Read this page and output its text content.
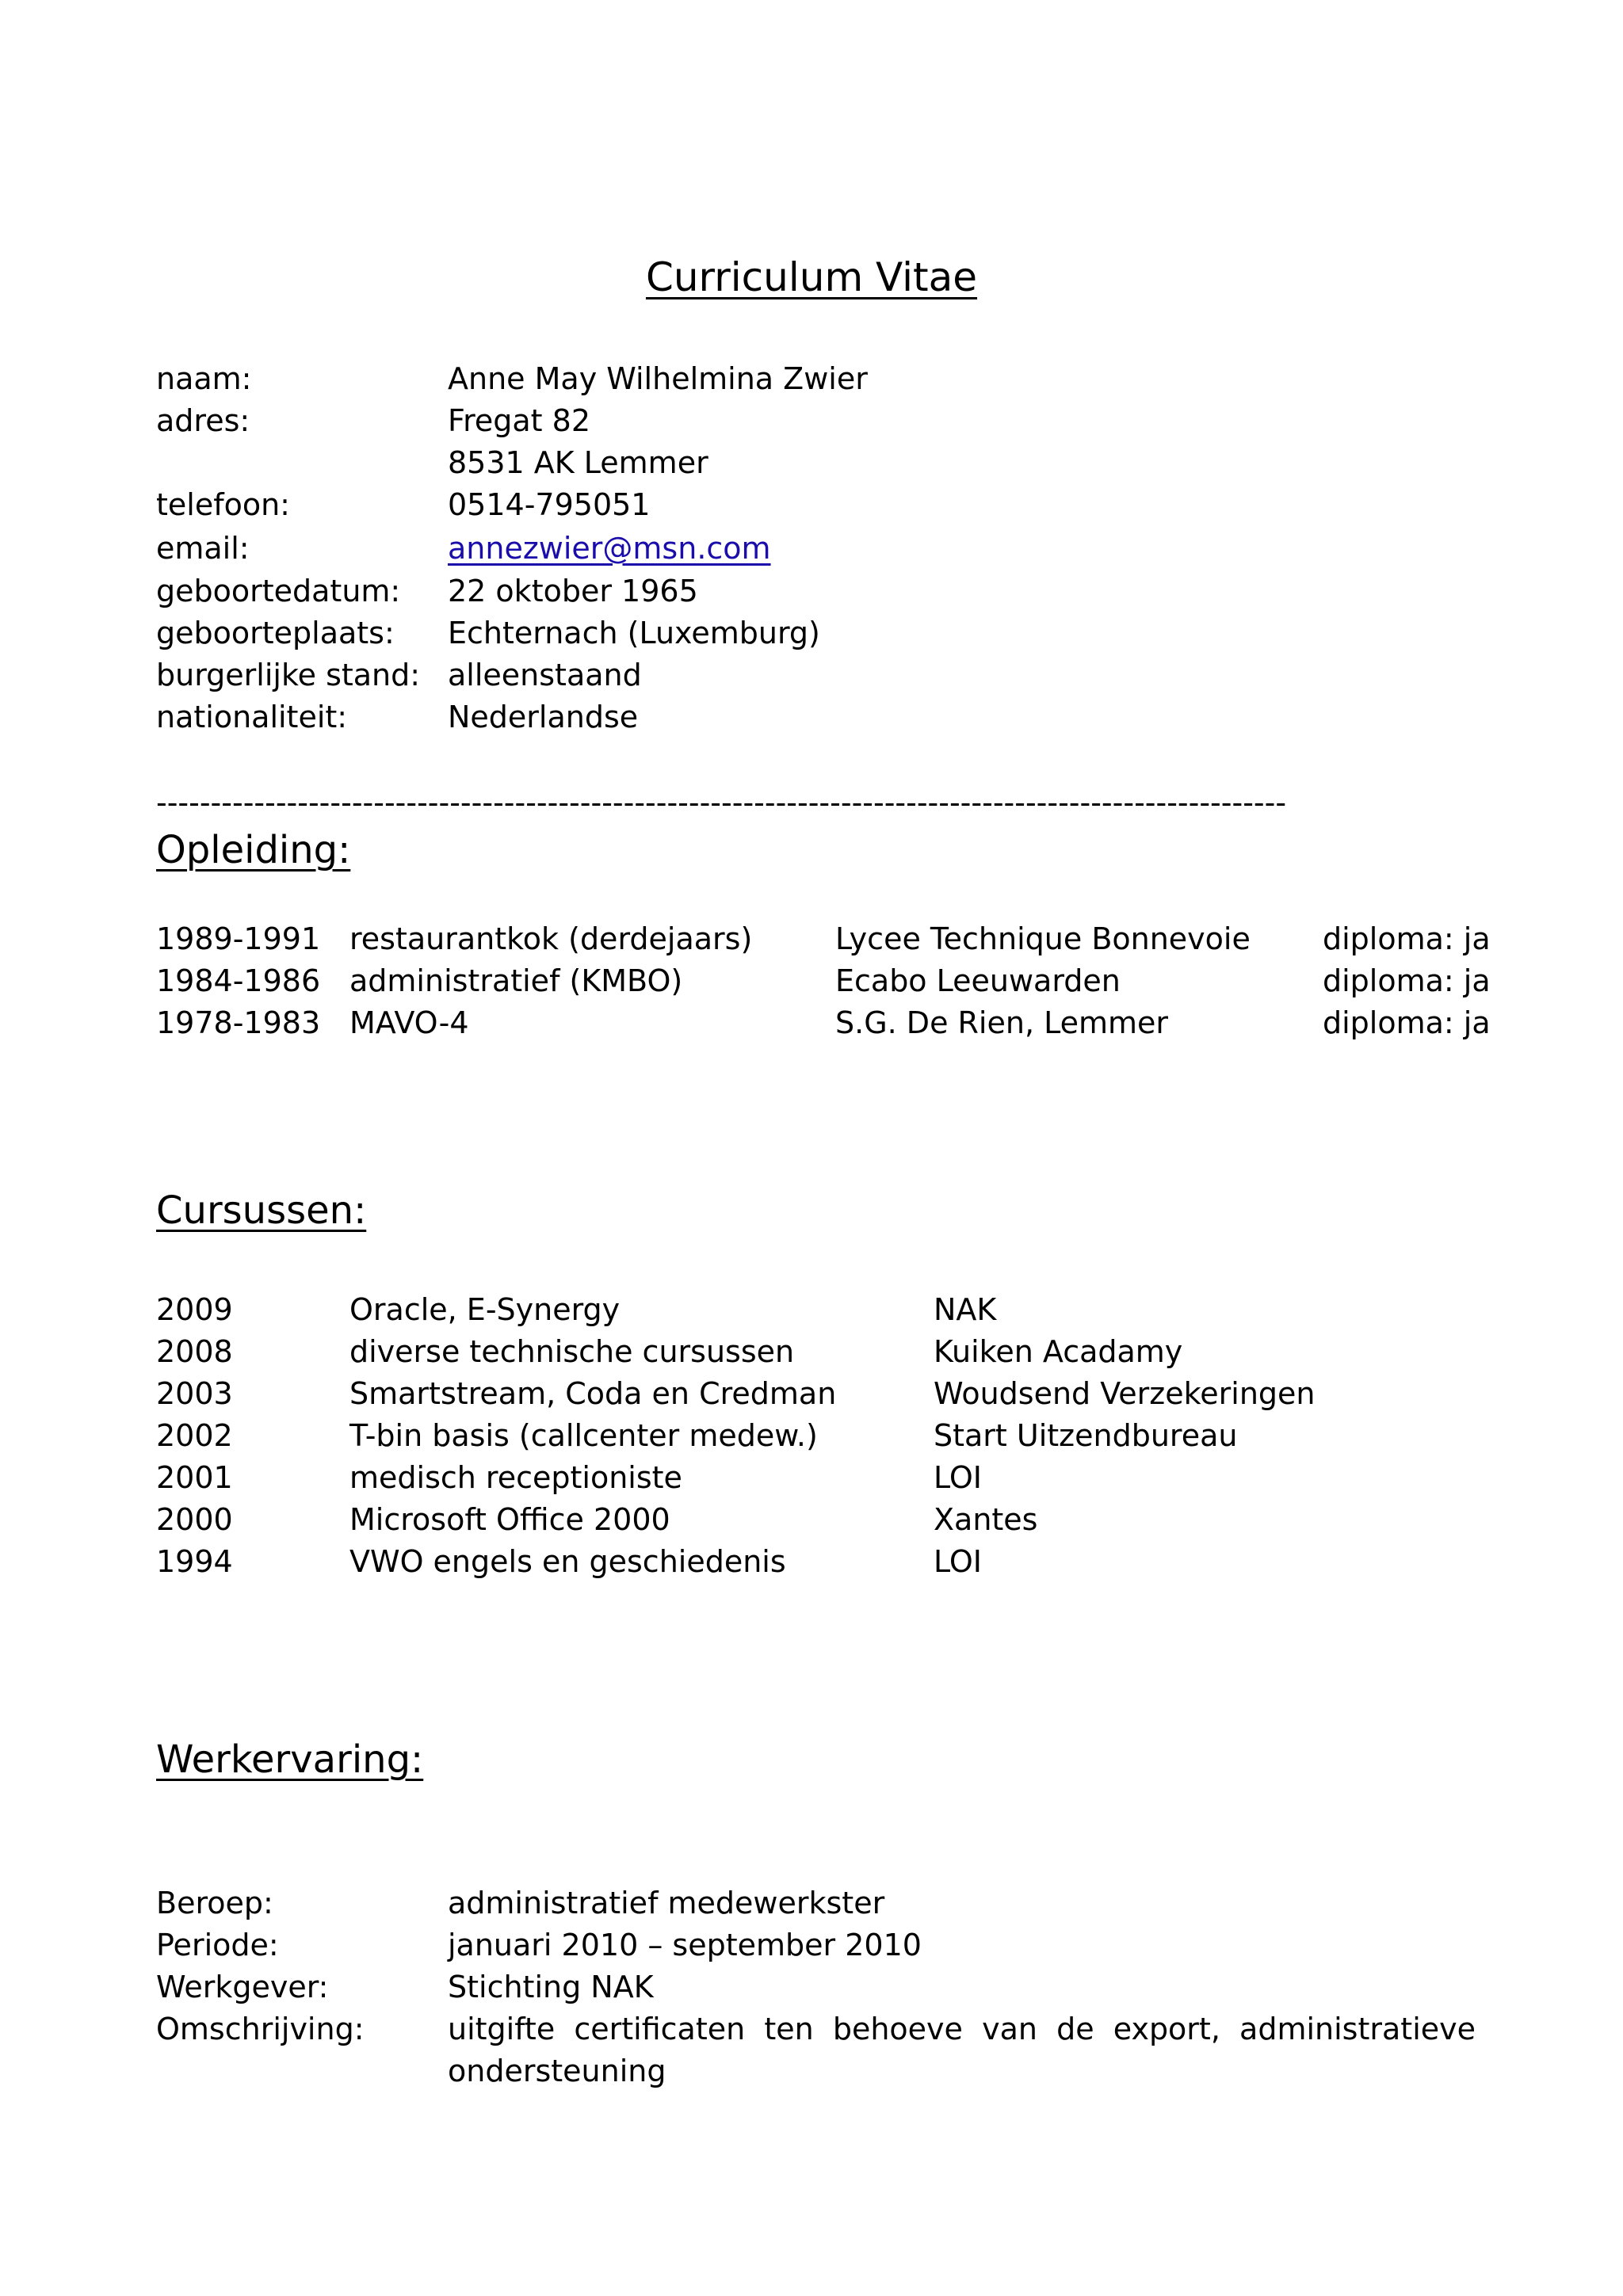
Curriculum Vitae
naam:	Anne May Wilhelmina Zwier
adres:	Fregat 82
8531 AK Lemmer
telefoon:	0514-795051
email:	annezwier@msn.com
geboortedatum: 22 oktober 1965
geboorteplaats: Echternach (Luxemburg)
burgerlijke stand: alleenstaand
nationaliteit:	Nederlandse
--------------------------------------------------------------------------------------------------------
Opleiding:
1989-1991 restaurantkok (derdejaars)	Lycee Technique Bonnevoie diploma: ja
1984-1986 administratief (KMBO)	Ecabo Leeuwarden	diploma: ja
1978-1983 MAVO-4	S.G. De Rien, Lemmer	diploma: ja
Cursussen:
2009	Oracle, E-Synergy	NAK
2008	diverse technische cursussen	Kuiken Acadamy
2003	Smartstream, Coda en Credman	Woudsend Verzekeringen
2002	T-bin basis (callcenter medew.)	Start Uitzendbureau
2001	medisch receptioniste	LOI
2000	Microsoft Office 2000	Xantes
1994	VWO engels en geschiedenis	LOI
Werkervaring:
Beroep:	administratief medewerkster
Periode:	januari 2010 – september 2010
Werkgever:	Stichting NAK
Omschrijving:	uitgifte certificaten ten behoeve van de export, administratieve ondersteuning
